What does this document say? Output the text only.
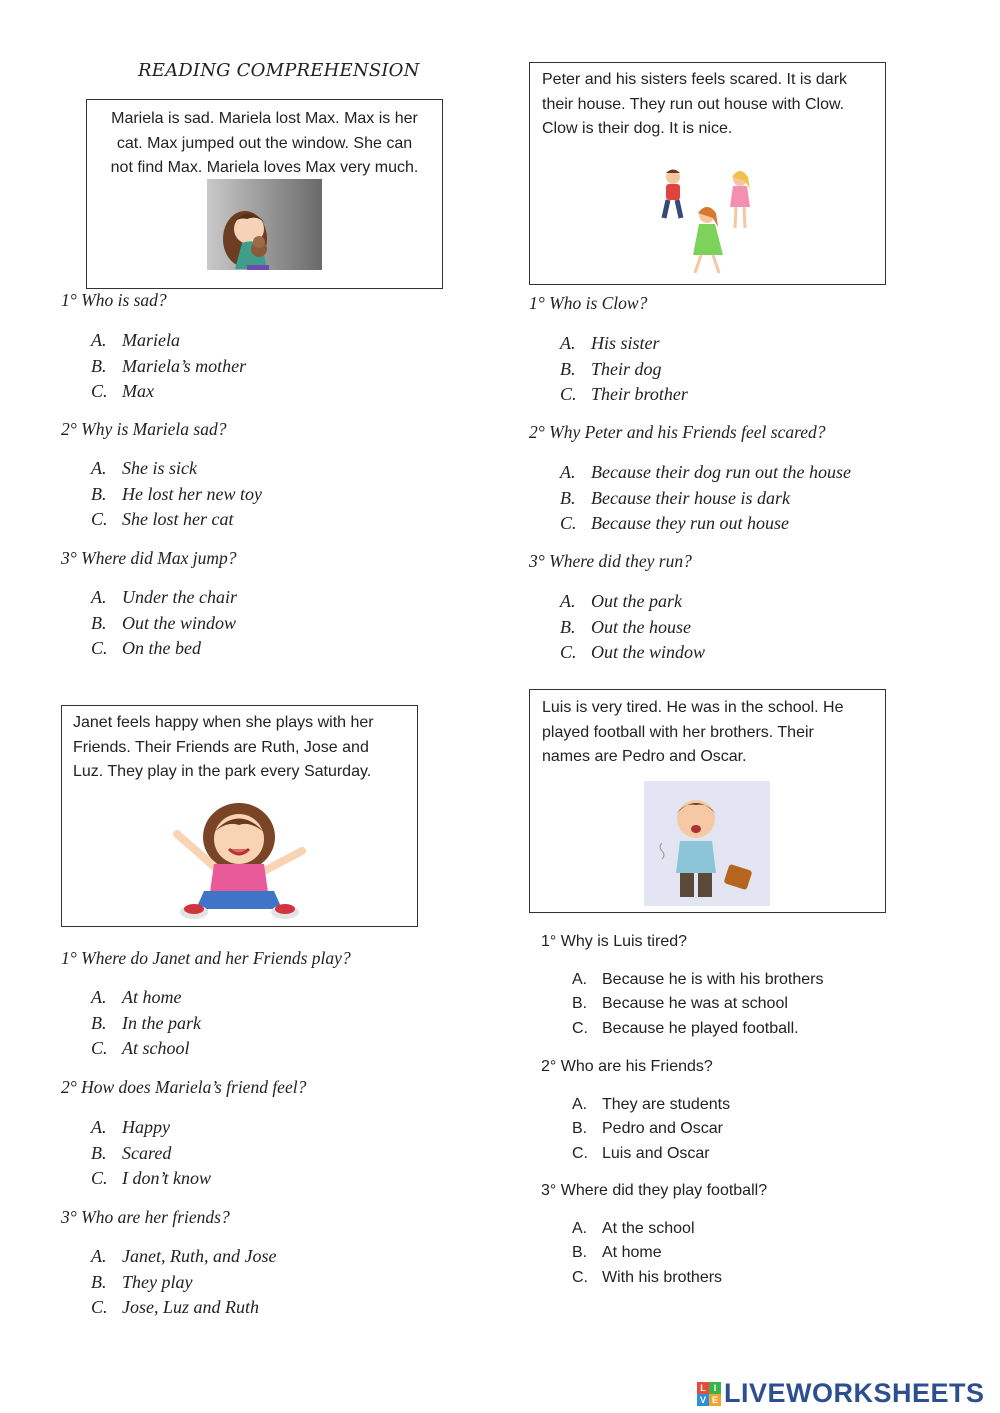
READING COMPREHENSION
Mariela is sad. Mariela lost Max. Max is her
cat. Max jumped out the window. She can
not find Max. Mariela loves Max very much.
Peter and his sisters feels scared. It is dark
their house. They run out house with Clow.
Clow is their dog. It is nice.
Janet feels happy when she plays with her
Friends. Their Friends are Ruth, Jose and
Luz. They play in the park every Saturday.
Luis is very tired. He was in the school. He
played football with her brothers. Their
names are Pedro and Oscar.
1° Who is sad?
A. Mariela
B. Mariela’s mother
C. Max
2° Why is Mariela sad?
A. She is sick
B. He lost her new toy
C. She lost her cat
3° Where did Max jump?
A. Under the chair
B. Out the window
C. On the bed
1° Who is Clow?
A. His sister
B. Their dog
C. Their brother
2° Why Peter and his Friends feel scared?
A. Because their dog run out the house
B. Because their house is dark
C. Because they run out house
3° Where did they run?
A. Out the park
B. Out the house
C. Out the window
1° Where do Janet and her Friends play?
A. At home
B. In the park
C. At school
2° How does Mariela’s friend feel?
A. Happy
B. Scared
C. I don’t know
3° Who are her friends?
A. Janet, Ruth, and Jose
B. They play
C. Jose, Luz and Ruth
1° Why is Luis tired?
A. Because he is with his brothers
B. Because he was at school
C. Because he played football.
2° Who are his Friends?
A. They are students
B. Pedro and Oscar
C. Luis and Oscar
3° Where did they play football?
A. At the school
B. At home
C. With his brothers
L I
V E LIVEWORKSHEETS
